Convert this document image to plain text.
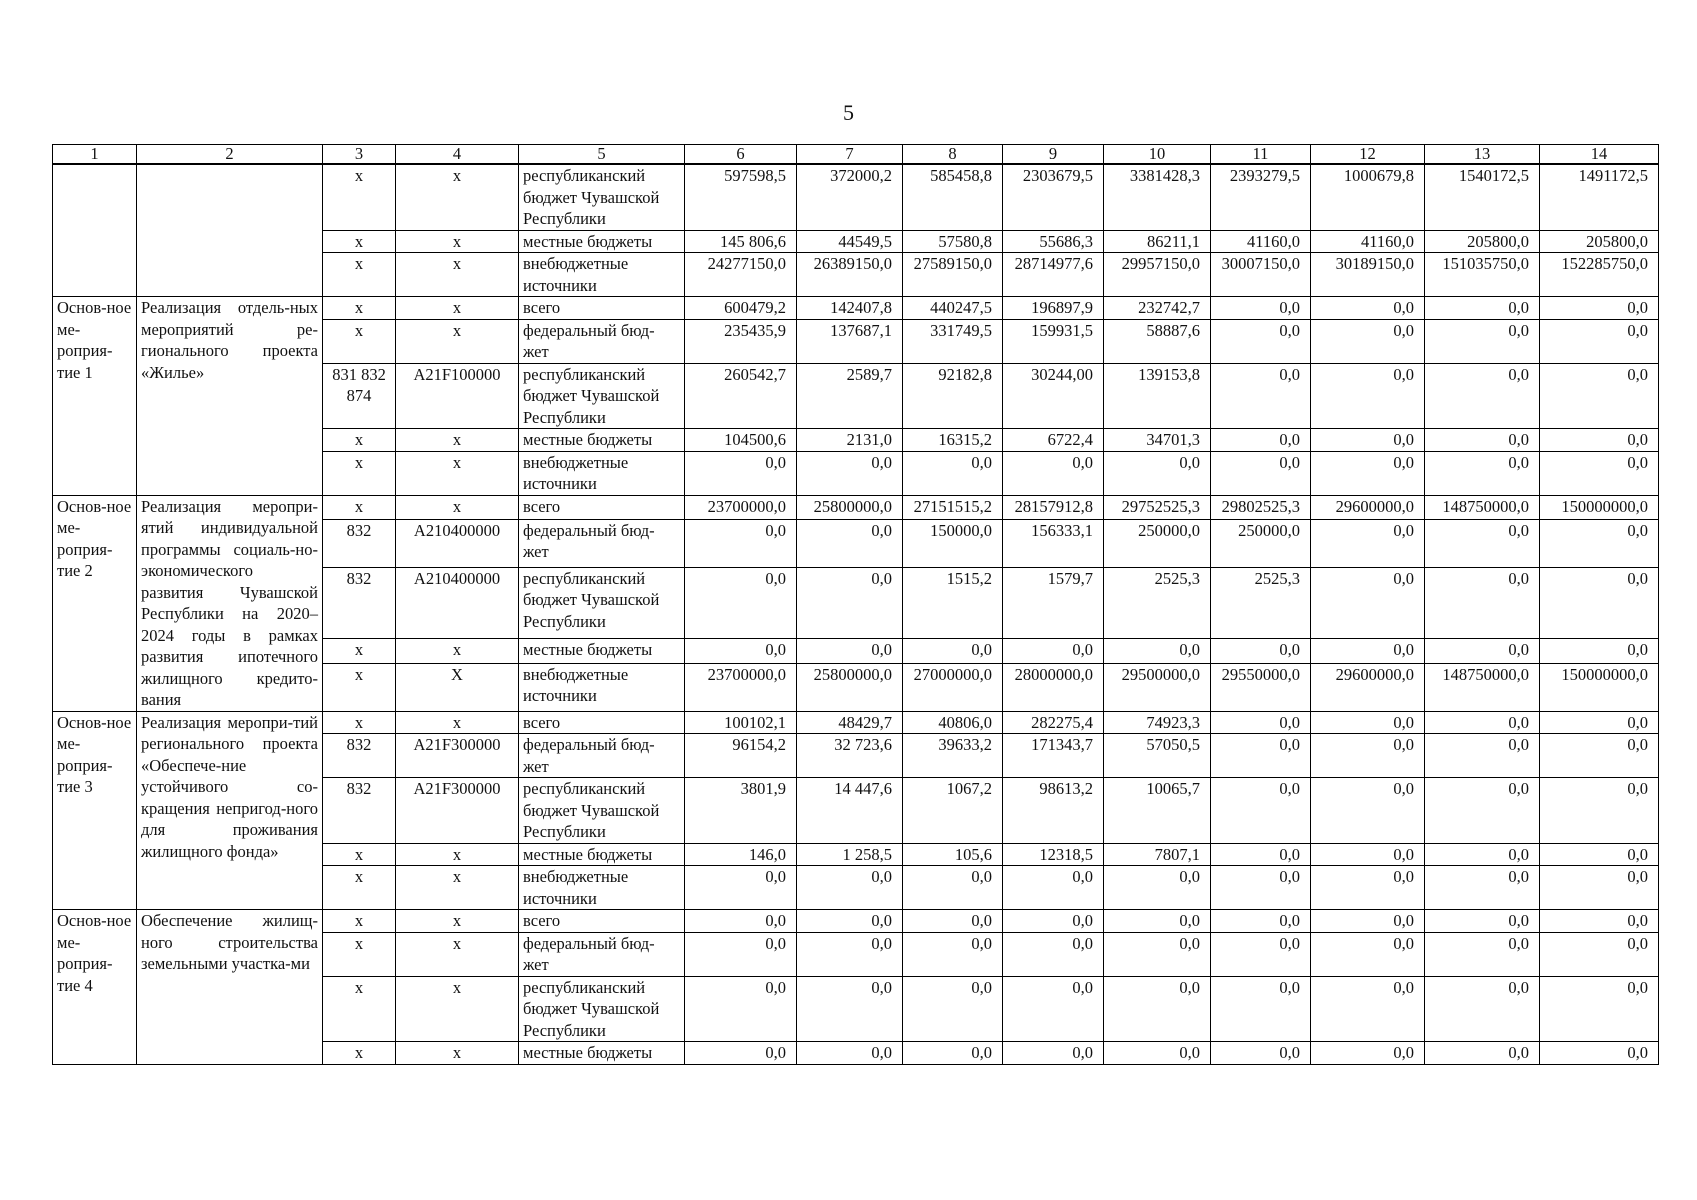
5
1	2	3	4	5	6	7	8	9	10	11	12	13	14
		х	х	республиканский бюджет Чувашской Республики	597598,5	372000,2	585458,8	2303679,5	3381428,3	2393279,5	1000679,8	1540172,5	1491172,5
		х	х	местные бюджеты	145 806,6	44549,5	57580,8	55686,3	86211,1	41160,0	41160,0	205800,0	205800,0
		х	х	внебюджетные источники	24277150,0	26389150,0	27589150,0	28714977,6	29957150,0	30007150,0	30189150,0	151035750,0	152285750,0
Основ-ное ме-роприя-тие 1	Реализация отдель-ных мероприятий ре-гионального проекта «Жилье»	х	х	всего	600479,2	142407,8	440247,5	196897,9	232742,7	0,0	0,0	0,0	0,0
		х	х	федеральный бюд-жет	235435,9	137687,1	331749,5	159931,5	58887,6	0,0	0,0	0,0	0,0
		831 832 874	А21F100000	республиканский бюджет Чувашской Республики	260542,7	2589,7	92182,8	30244,00	139153,8	0,0	0,0	0,0	0,0
		х	х	местные бюджеты	104500,6	2131,0	16315,2	6722,4	34701,3	0,0	0,0	0,0	0,0
		х	х	внебюджетные источники	0,0	0,0	0,0	0,0	0,0	0,0	0,0	0,0	0,0
Основ-ное ме-роприя-тие 2	Реализация меропри-ятий индивидуальной программы социаль-но-экономического развития Чувашской Республики на 2020–2024 годы в рамках развития ипотечного жилищного кредито-вания	х	х	всего	23700000,0	25800000,0	27151515,2	28157912,8	29752525,3	29802525,3	29600000,0	148750000,0	150000000,0
		832	А210400000	федеральный бюд-жет	0,0	0,0	150000,0	156333,1	250000,0	250000,0	0,0	0,0	0,0
		832	А210400000	республиканский бюджет Чувашской Республики	0,0	0,0	1515,2	1579,7	2525,3	2525,3	0,0	0,0	0,0
		х	х	местные бюджеты	0,0	0,0	0,0	0,0	0,0	0,0	0,0	0,0	0,0
		х	Х	внебюджетные источники	23700000,0	25800000,0	27000000,0	28000000,0	29500000,0	29550000,0	29600000,0	148750000,0	150000000,0
Основ-ное ме-роприя-тие 3	Реализация меропри-тий регионального проекта «Обеспече-ние устойчивого со-кращения непригод-ного для проживания жилищного фонда»	х	х	всего	100102,1	48429,7	40806,0	282275,4	74923,3	0,0	0,0	0,0	0,0
		832	А21F300000	федеральный бюд-жет	96154,2	32 723,6	39633,2	171343,7	57050,5	0,0	0,0	0,0	0,0
		832	А21F300000	республиканский бюджет Чувашской Республики	3801,9	14 447,6	1067,2	98613,2	10065,7	0,0	0,0	0,0	0,0
		х	х	местные бюджеты	146,0	1 258,5	105,6	12318,5	7807,1	0,0	0,0	0,0	0,0
		х	х	внебюджетные источники	0,0	0,0	0,0	0,0	0,0	0,0	0,0	0,0	0,0
Основ-ное ме-роприя-тие 4	Обеспечение жилищ-ного строительства земельными участка-ми	х	х	всего	0,0	0,0	0,0	0,0	0,0	0,0	0,0	0,0	0,0
		х	х	федеральный бюд-жет	0,0	0,0	0,0	0,0	0,0	0,0	0,0	0,0	0,0
		х	х	республиканский бюджет Чувашской Республики	0,0	0,0	0,0	0,0	0,0	0,0	0,0	0,0	0,0
		х	х	местные бюджеты	0,0	0,0	0,0	0,0	0,0	0,0	0,0	0,0	0,0
